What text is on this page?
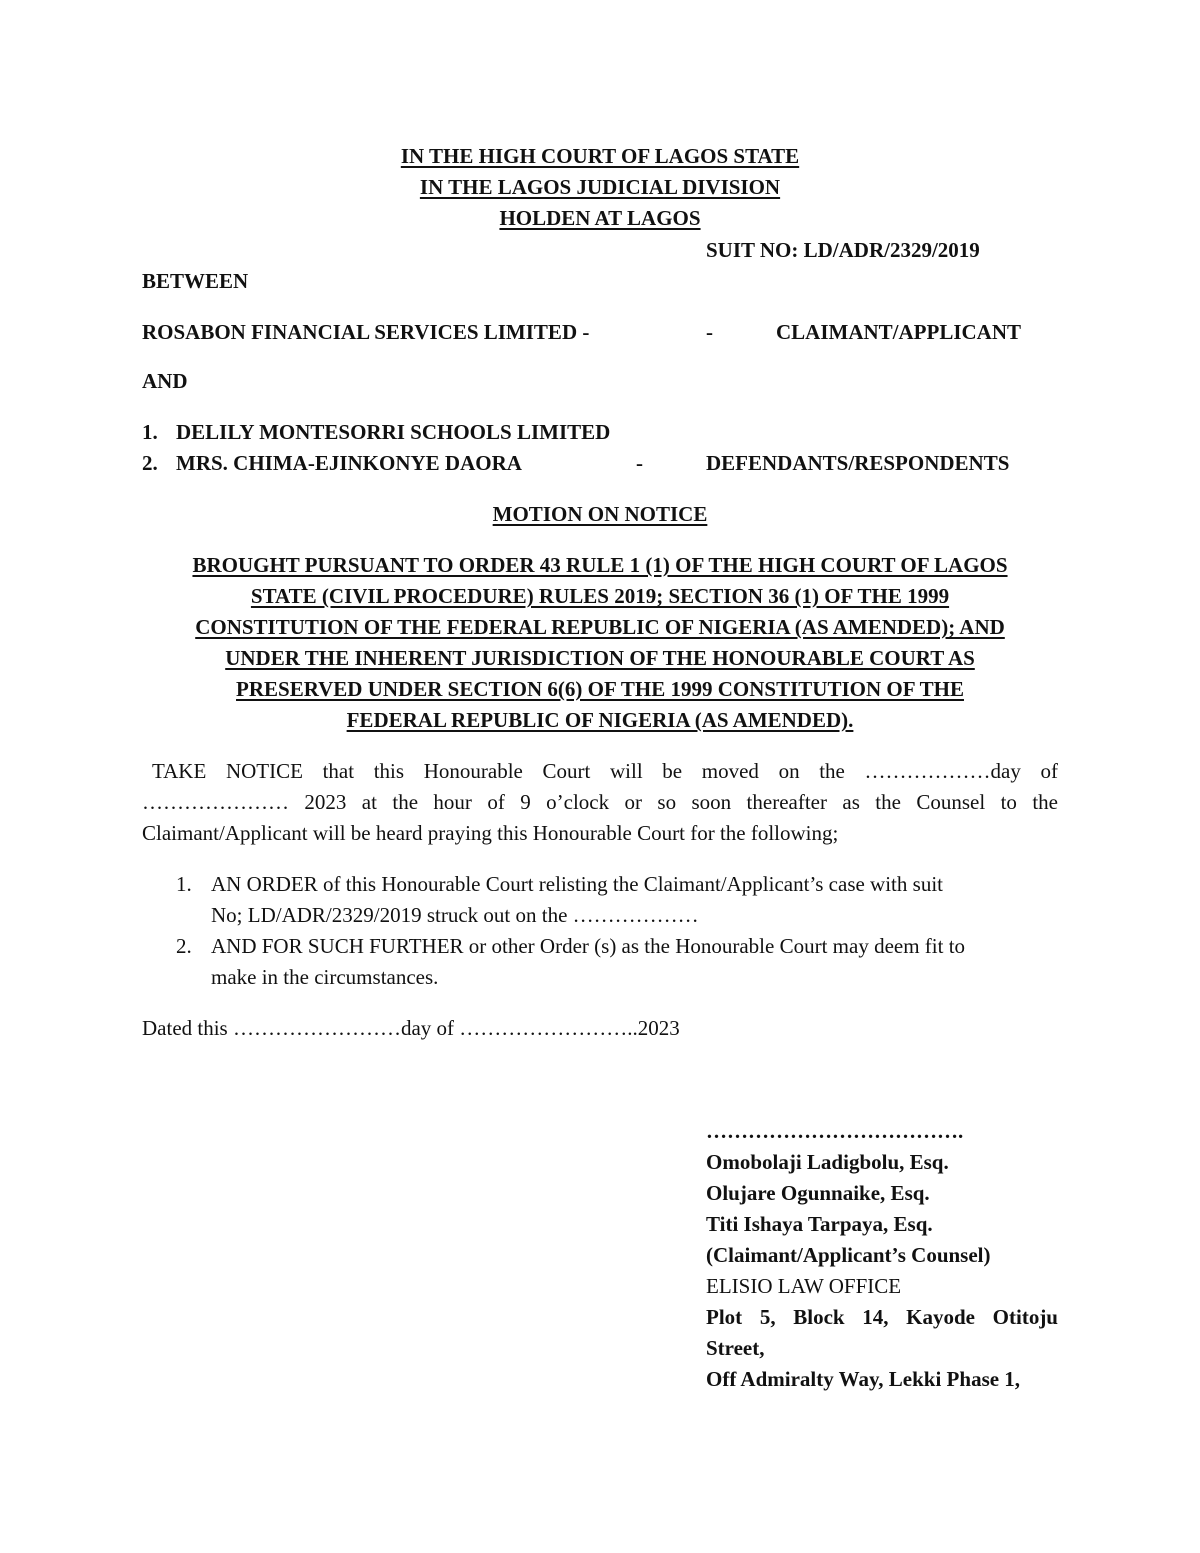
IN THE HIGH COURT OF LAGOS STATE
IN THE LAGOS JUDICIAL DIVISION
HOLDEN AT LAGOS
SUIT NO: LD/ADR/2329/2019
BETWEEN
ROSABON FINANCIAL SERVICES LIMITED -	-	CLAIMANT/APPLICANT
AND
1. DELILY MONTESORRI SCHOOLS LIMITED
2. MRS. CHIMA-EJINKONYE DAORA	-	DEFENDANTS/RESPONDENTS
MOTION ON NOTICE
BROUGHT PURSUANT TO ORDER 43 RULE 1 (1) OF THE HIGH COURT OF LAGOS
STATE (CIVIL PROCEDURE) RULES 2019; SECTION 36 (1) OF THE 1999
CONSTITUTION OF THE FEDERAL REPUBLIC OF NIGERIA (AS AMENDED); AND
UNDER THE INHERENT JURISDICTION OF THE HONOURABLE COURT AS
PRESERVED UNDER SECTION 6(6) OF THE 1999 CONSTITUTION OF THE
FEDERAL REPUBLIC OF NIGERIA (AS AMENDED).
TAKE NOTICE that this Honourable Court will be moved on the ………………day of
………………… 2023 at the hour of 9 o’clock or so soon thereafter as the Counsel to the
Claimant/Applicant will be heard praying this Honourable Court for the following;
1. AN ORDER of this Honourable Court relisting the Claimant/Applicant’s case with suit
No; LD/ADR/2329/2019 struck out on the ………………
2. AND FOR SUCH FURTHER or other Order (s) as the Honourable Court may deem fit to
make in the circumstances.
Dated this ……………………day of ……………………..2023
……………………………….
Omobolaji Ladigbolu, Esq.
Olujare Ogunnaike, Esq.
Titi Ishaya Tarpaya, Esq.
(Claimant/Applicant’s Counsel)
ELISIO LAW OFFICE
Plot 5, Block 14, Kayode Otitoju
Street,
Off Admiralty Way, Lekki Phase 1,
